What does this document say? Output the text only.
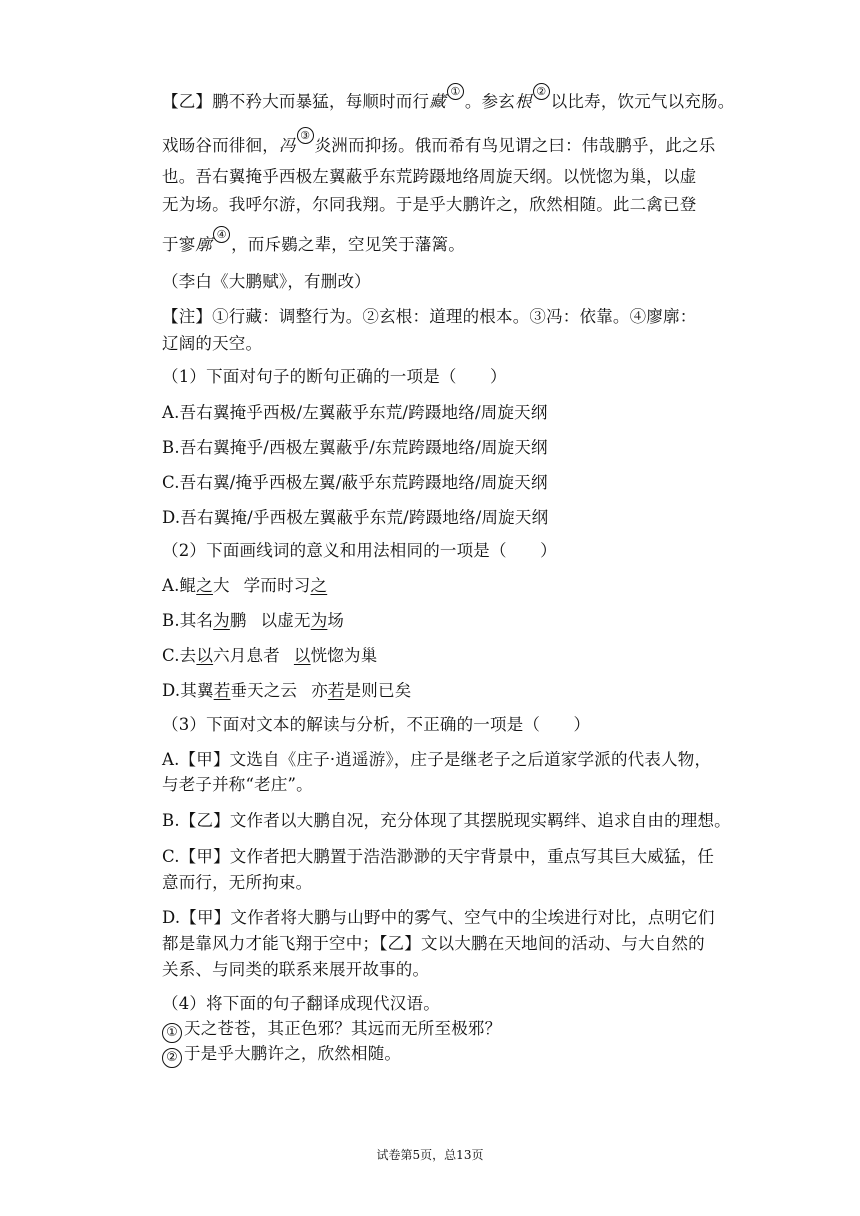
【乙】鹏不矜大而暴猛，每顺时而行藏①。参玄根②以比寿，饮元气以充肠。
戏旸谷而徘徊，冯③炎洲而抑扬。俄而希有鸟见谓之曰：伟哉鹏乎，此之乐
也。吾右翼掩乎西极左翼蔽乎东荒跨蹑地络周旋天纲。以恍惚为巢，以虚
无为场。我呼尔游，尔同我翔。于是乎大鹏许之，欣然相随。此二禽已登
于寥廓④，而斥鷃之辈，空见笑于藩篱。
（李白《大鹏赋》，有删改）
【注】①行藏：调整行为。②玄根：道理的根本。③冯：依靠。④廖廓：
辽阔的天空。
（1）下面对句子的断句正确的一项是（　　）
A.吾右翼掩乎西极/左翼蔽乎东荒/跨蹑地络/周旋天纲
B.吾右翼掩乎/西极左翼蔽乎/东荒跨蹑地络/周旋天纲
C.吾右翼/掩乎西极左翼/蔽乎东荒跨蹑地络/周旋天纲
D.吾右翼掩/乎西极左翼蔽乎东荒/跨蹑地络/周旋天纲
（2）下面画线词的意义和用法相同的一项是（　　）
A.鲲之大 学而时习之
B.其名为鹏 以虚无为场
C.去以六月息者 以恍惚为巢
D.其翼若垂天之云 亦若是则已矣
（3）下面对文本的解读与分析，不正确的一项是（　　）
A.【甲】文选自《庄子·逍遥游》，庄子是继老子之后道家学派的代表人物，
与老子并称“老庄”。
B.【乙】文作者以大鹏自况，充分体现了其摆脱现实羁绊、追求自由的理想。
C.【甲】文作者把大鹏置于浩浩渺渺的天宇背景中，重点写其巨大威猛，任
意而行，无所拘束。
D.【甲】文作者将大鹏与山野中的雾气、空气中的尘埃进行对比，点明它们
都是靠风力才能飞翔于空中；【乙】文以大鹏在天地间的活动、与大自然的
关系、与同类的联系来展开故事的。
（4）将下面的句子翻译成现代汉语。
① 天之苍苍，其正色邪？其远而无所至极邪？
② 于是乎大鹏许之，欣然相随。
试卷第5页，总13页
